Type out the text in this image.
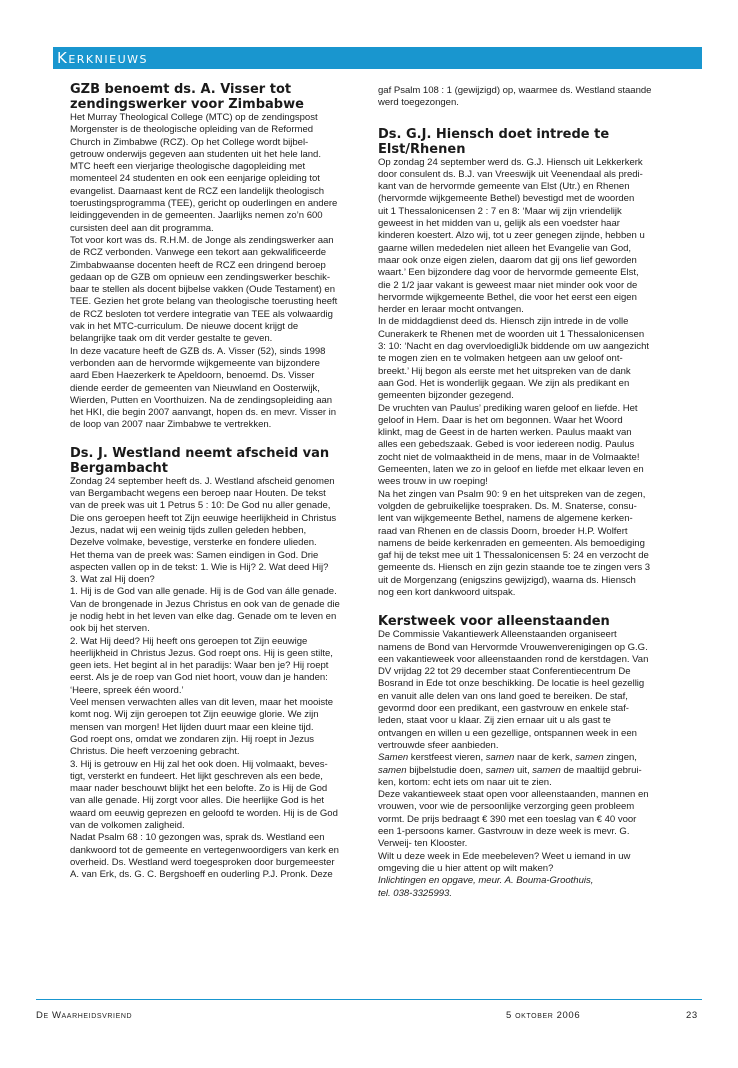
Kerknieuws
GZB benoemt ds. A. Visser tot
zendingswerker voor Zimbabwe

Het Murray Theological College (MTC) op de zendingspost
Morgenster is de theologische opleiding van de Reformed
Church in Zimbabwe (RCZ). Op het College wordt bijbel-
getrouw onderwijs gegeven aan studenten uit het hele land.
MTC heeft een vierjarige theologische dagopleiding met
momenteel 24 studenten en ook een eenjarige opleiding tot
evangelist. Daarnaast kent de RCZ een landelijk theologisch
toerustingsprogramma (TEE), gericht op ouderlingen en andere
leidinggevenden in de gemeenten. Jaarlijks nemen zo’n 600
cursisten deel aan dit programma.
Tot voor kort was ds. R.H.M. de Jonge als zendingswerker aan
de RCZ verbonden. Vanwege een tekort aan gekwalificeerde
Zimbabwaanse docenten heeft de RCZ een dringend beroep
gedaan op de GZB om opnieuw een zendingswerker beschik-
baar te stellen als docent bijbelse vakken (Oude Testament) en
TEE. Gezien het grote belang van theologische toerusting heeft
de RCZ besloten tot verdere integratie van TEE als volwaardig
vak in het MTC-curriculum. De nieuwe docent krijgt de
belangrijke taak om dit verder gestalte te geven.
In deze vacature heeft de GZB ds. A. Visser (52), sinds 1998
verbonden aan de hervormde wijkgemeente van bijzondere
aard Eben Haezerkerk te Apeldoorn, benoemd. Ds. Visser
diende eerder de gemeenten van Nieuwland en Oosterwijk,
Wierden, Putten en Voorthuizen. Na de zendingsopleiding aan
het HKI, die begin 2007 aanvangt, hopen ds. en mevr. Visser in
de loop van 2007 naar Zimbabwe te vertrekken.

Ds. J. Westland neemt afscheid van
Bergambacht

Zondag 24 september heeft ds. J. Westland afscheid genomen
van Bergambacht wegens een beroep naar Houten. De tekst
van de preek was uit 1 Petrus 5 : 10: De God nu aller genade,
Die ons geroepen heeft tot Zijn eeuwige heerlijkheid in Christus
Jezus, nadat wij een weinig tijds zullen geleden hebben,
Dezelve volmake, bevestige, versterke en fondere ulieden.
Het thema van de preek was: Samen eindigen in God. Drie
aspecten vallen op in de tekst: 1. Wie is Hij? 2. Wat deed Hij?
3. Wat zal Hij doen?
1. Hij is de God van alle genade. Hij is de God van álle genade.
Van de brongenade in Jezus Christus en ook van de genade die
je nodig hebt in het leven van elke dag. Genade om te leven en
ook bij het sterven.
2. Wat Hij deed? Hij heeft ons geroepen tot Zijn eeuwige
heerlijkheid in Christus Jezus. God roept ons. Hij is geen stilte,
geen iets. Het begint al in het paradijs: Waar ben je? Hij roept
eerst. Als je de roep van God niet hoort, vouw dan je handen:
‘Heere, spreek één woord.’
Veel mensen verwachten alles van dit leven, maar het mooiste
komt nog. Wij zijn geroepen tot Zijn eeuwige glorie. We zijn
mensen van morgen! Het lijden duurt maar een kleine tijd.
God roept ons, omdat we zondaren zijn. Hij roept in Jezus
Christus. Die heeft verzoening gebracht.
3. Hij is getrouw en Hij zal het ook doen. Hij volmaakt, beves-
tigt, versterkt en fundeert. Het lijkt geschreven als een bede,
maar nader beschouwt blijkt het een belofte. Zo is Hij de God
van alle genade. Hij zorgt voor alles. Die heerlijke God is het
waard om eeuwig geprezen en geloofd te worden. Hij is de God
van de volkomen zaligheid.
Nadat Psalm 68 : 10 gezongen was, sprak ds. Westland een
dankwoord tot de gemeente en vertegenwoordigers van kerk en
overheid. Ds. Westland werd toegesproken door burgemeester
A. van Erk, ds. G. C. Bergshoeff en ouderling P.J. Pronk. Deze

gaf Psalm 108 : 1 (gewijzigd) op, waarmee ds. Westland staande
werd toegezongen.

Ds. G.J. Hiensch doet intrede te Elst/Rhenen

Op zondag 24 september werd ds. G.J. Hiensch uit Lekkerkerk
door consulent ds. B.J. van Vreeswijk uit Veenendaal als predi-
kant van de hervormde gemeente van Elst (Utr.) en Rhenen
(hervormde wijkgemeente Bethel) bevestigd met de woorden
uit 1 Thessalonicensen 2 : 7 en 8: ‘Maar wij zijn vriendelijk
geweest in het midden van u, gelijk als een voedster haar
kinderen koestert. Alzo wij, tot u zeer genegen zijnde, hebben u
gaarne willen mededelen niet alleen het Evangelie van God,
maar ook onze eigen zielen, daarom dat gij ons lief geworden
waart.’ Een bijzondere dag voor de hervormde gemeente Elst,
die 2 1/2 jaar vakant is geweest maar niet minder ook voor de
hervormde wijkgemeente Bethel, die voor het eerst een eigen
herder en leraar mocht ontvangen.
In de middagdienst deed ds. Hiensch zijn intrede in de volle
Cunerakerk te Rhenen met de woorden uit 1 Thessalonicensen
3: 10: ‘Nacht en dag overvloedigliJk biddende om uw aangezicht
te mogen zien en te volmaken hetgeen aan uw geloof ont-
breekt.’ Hij begon als eerste met het uitspreken van de dank
aan God. Het is wonderlijk gegaan. We zijn als predikant en
gemeenten bijzonder gezegend.
De vruchten van Paulus’ prediking waren geloof en liefde. Het
geloof in Hem. Daar is het om begonnen. Waar het Woord
klinkt, mag de Geest in de harten werken. Paulus maakt van
alles een gebedszaak. Gebed is voor iedereen nodig. Paulus
zocht niet de volmaaktheid in de mens, maar in de Volmaakte!
Gemeenten, laten we zo in geloof en liefde met elkaar leven en
wees trouw in uw roeping!
Na het zingen van Psalm 90: 9 en het uitspreken van de zegen,
volgden de gebruikelijke toespraken. Ds. M. Snaterse, consu-
lent van wijkgemeente Bethel, namens de algemene kerken-
raad van Rhenen en de classis Doorn, broeder H.P. Wolfert
namens de beide kerkenraden en gemeenten. Als bemoediging
gaf hij de tekst mee uit 1 Thessalonicensen 5: 24 en verzocht de
gemeente ds. Hiensch en zijn gezin staande toe te zingen vers 3
uit de Morgenzang (enigszins gewijzigd), waarna ds. Hiensch
nog een kort dankwoord uitspak.

Kerstweek voor alleenstaanden

De Commissie Vakantiewerk Alleenstaanden organiseert
namens de Bond van Hervormde Vrouwenverenigingen op G.G.
een vakantieweek voor alleenstaanden rond de kerstdagen. Van
DV vrijdag 22 tot 29 december staat Conferentiecentrum De
Bosrand in Ede tot onze beschikking. De locatie is heel gezellig
en vanuit alle delen van ons land goed te bereiken. De staf,
gevormd door een predikant, een gastvrouw en enkele staf-
leden, staat voor u klaar. Zij zien ernaar uit u als gast te
ontvangen en willen u een gezellige, ontspannen week in een
vertrouwde sfeer aanbieden.

Samen kerstfeest vieren, samen naar de kerk, samen zingen,
samen bijbelstudie doen, samen uit, samen de maaltijd gebrui-
ken, kortom: echt iets om naar uit te zien.

Deze vakantieweek staat open voor alleenstaanden, mannen en
vrouwen, voor wie de persoonlijke verzorging geen probleem
vormt. De prijs bedraagt € 390 met een toeslag van € 40 voor
een 1-persoons kamer. Gastvrouw in deze week is mevr. G.
Verweij- ten Klooster.
Wilt u deze week in Ede meebeleven? Weet u iemand in uw
omgeving die u hier attent op wilt maken?

Inlichtingen en opgave, meur. A. Bouma-Groothuis,
tel. 038-3325993.

De Waarheidsvriend	5 oktober 2006	23
